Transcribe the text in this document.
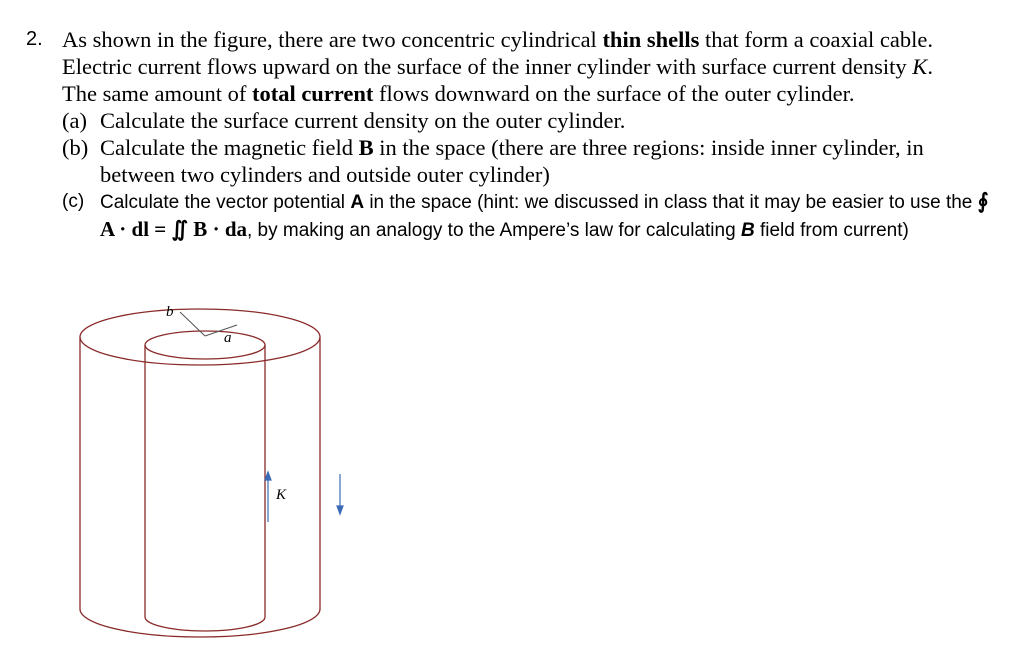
2. As shown in the figure, there are two concentric cylindrical thin shells that form a coaxial cable. Electric current flows upward on the surface of the inner cylinder with surface current density K. The same amount of total current flows downward on the surface of the outer cylinder.
(a) Calculate the surface current density on the outer cylinder.
(b) Calculate the magnetic field B in the space (there are three regions: inside inner cylinder, in between two cylinders and outside outer cylinder)
(c) Calculate the vector potential A in the space (hint: we discussed in class that it may be easier to use the ∮ A · dl = ∬ B · da, by making an analogy to the Ampere’s law for calculating B field from current)
b
a
K
